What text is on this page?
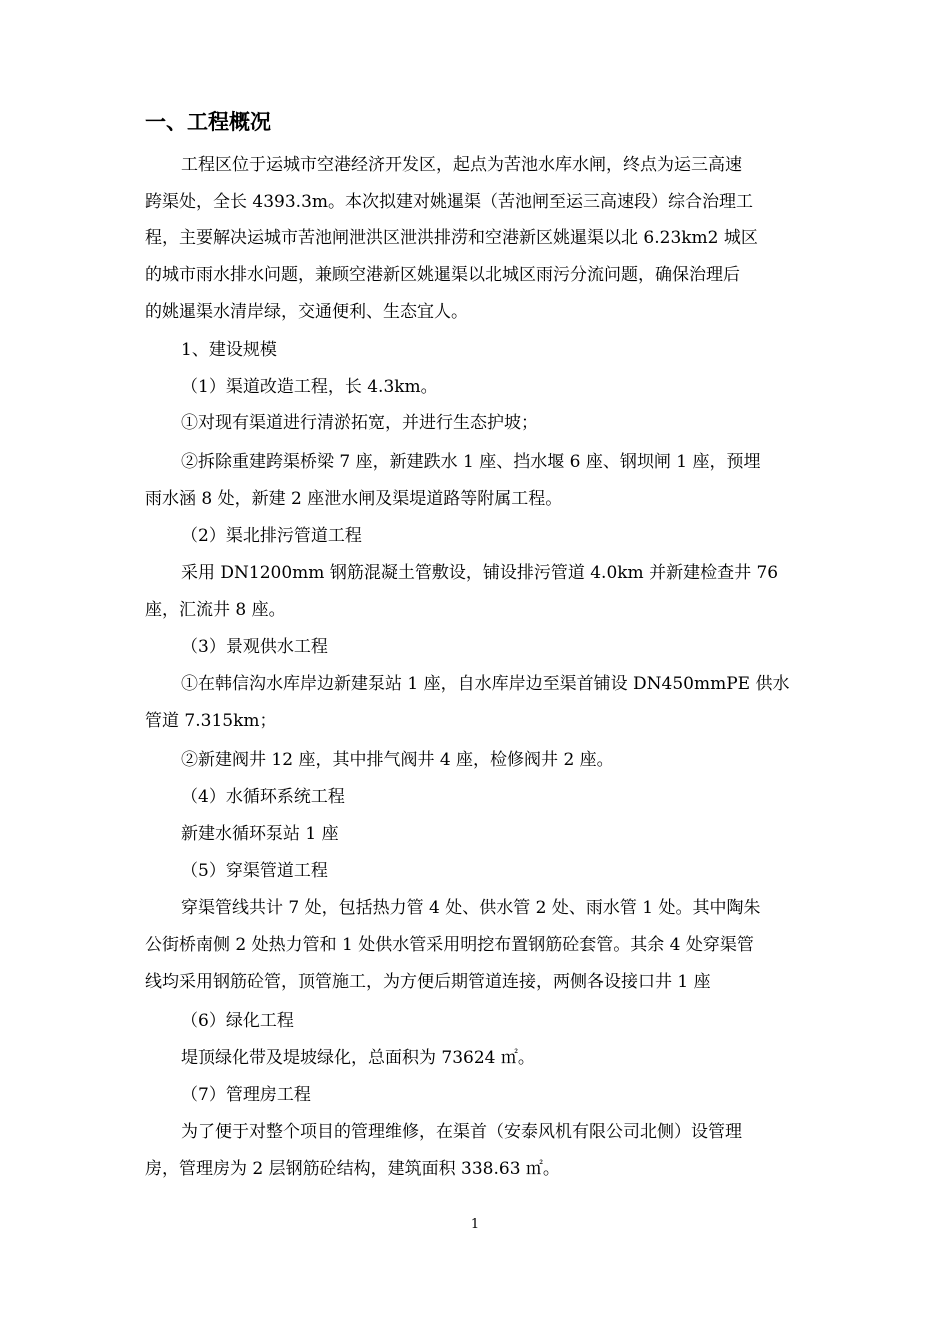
一、工程概况
工程区位于运城市空港经济开发区，起点为苦池水库水闸，终点为运三高速
跨渠处，全长 4393.3m。本次拟建对姚暹渠（苦池闸至运三高速段）综合治理工
程，主要解决运城市苦池闸泄洪区泄洪排涝和空港新区姚暹渠以北 6.23km2 城区
的城市雨水排水问题，兼顾空港新区姚暹渠以北城区雨污分流问题，确保治理后
的姚暹渠水清岸绿，交通便利、生态宜人。
1、建设规模
（1）渠道改造工程，长 4.3km。
①对现有渠道进行清淤拓宽，并进行生态护坡；
②拆除重建跨渠桥梁 7 座，新建跌水 1 座、挡水堰 6 座、钢坝闸 1 座，预埋
雨水涵 8 处，新建 2 座泄水闸及渠堤道路等附属工程。
（2）渠北排污管道工程
采用 DN1200mm 钢筋混凝土管敷设，铺设排污管道 4.0km 并新建检查井 76
座，汇流井 8 座。
（3）景观供水工程
①在韩信沟水库岸边新建泵站 1 座，自水库岸边至渠首铺设 DN450mmPE 供水
管道 7.315km；
②新建阀井 12 座，其中排气阀井 4 座，检修阀井 2 座。
（4）水循环系统工程
新建水循环泵站 1 座
（5）穿渠管道工程
穿渠管线共计 7 处，包括热力管 4 处、供水管 2 处、雨水管 1 处。其中陶朱
公街桥南侧 2 处热力管和 1 处供水管采用明挖布置钢筋砼套管。其余 4 处穿渠管
线均采用钢筋砼管，顶管施工，为方便后期管道连接，两侧各设接口井 1 座
（6）绿化工程
堤顶绿化带及堤坡绿化，总面积为 73624 ㎡。
（7）管理房工程
为了便于对整个项目的管理维修，在渠首（安泰风机有限公司北侧）设管理
房，管理房为 2 层钢筋砼结构，建筑面积 338.63 ㎡。
1
